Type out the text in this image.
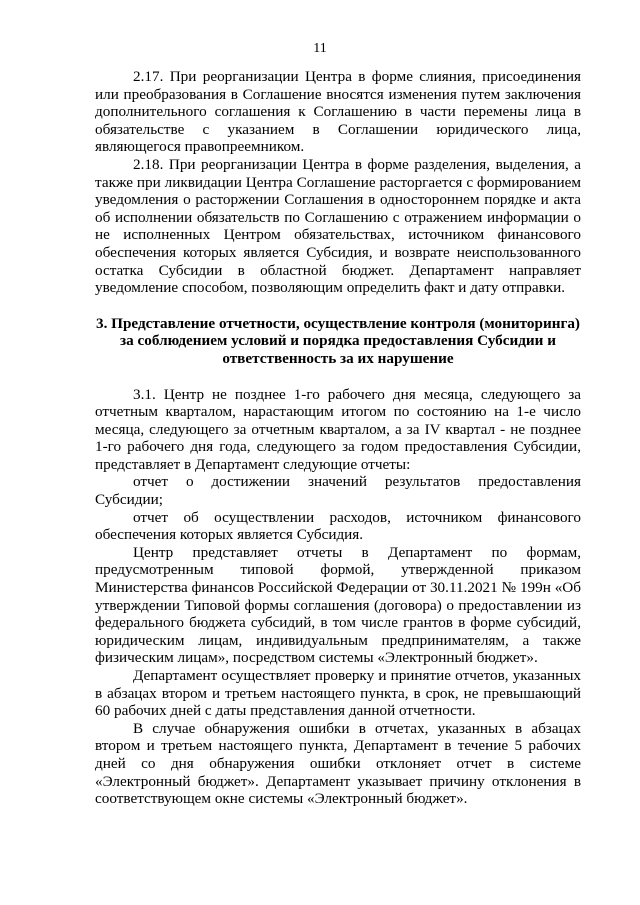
11

2.17. При реорганизации Центра в форме слияния, присоединения или преобразования в Соглашение вносятся изменения путем заключения дополнительного соглашения к Соглашению в части перемены лица в обязательстве с указанием в Соглашении юридического лица, являющегося правопреемником.

2.18. При реорганизации Центра в форме разделения, выделения, а также при ликвидации Центра Соглашение расторгается с формированием уведомления о расторжении Соглашения в одностороннем порядке и акта об исполнении обязательств по Соглашению с отражением информации о не исполненных Центром обязательствах, источником финансового обеспечения которых является Субсидия, и возврате неиспользованного остатка Субсидии в областной бюджет. Департамент направляет уведомление способом, позволяющим определить факт и дату отправки.

3. Представление отчетности, осуществление контроля (мониторинга) за соблюдением условий и порядка предоставления Субсидии и ответственность за их нарушение

3.1. Центр не позднее 1-го рабочего дня месяца, следующего за отчетным кварталом, нарастающим итогом по состоянию на 1-е число месяца, следующего за отчетным кварталом, а за IV квартал - не позднее 1-го рабочего дня года, следующего за годом предоставления Субсидии, представляет в Департамент следующие отчеты:

отчет о достижении значений результатов предоставления Субсидии;

отчет об осуществлении расходов, источником финансового обеспечения которых является Субсидия.

Центр представляет отчеты в Департамент по формам, предусмотренным типовой формой, утвержденной приказом Министерства финансов Российской Федерации от 30.11.2021 № 199н «Об утверждении Типовой формы соглашения (договора) о предоставлении из федерального бюджета субсидий, в том числе грантов в форме субсидий, юридическим лицам, индивидуальным предпринимателям, а также физическим лицам», посредством системы «Электронный бюджет».

Департамент осуществляет проверку и принятие отчетов, указанных в абзацах втором и третьем настоящего пункта, в срок, не превышающий 60 рабочих дней с даты представления данной отчетности.

В случае обнаружения ошибки в отчетах, указанных в абзацах втором и третьем настоящего пункта, Департамент в течение 5 рабочих дней со дня обнаружения ошибки отклоняет отчет в системе «Электронный бюджет». Департамент указывает причину отклонения в соответствующем окне системы «Электронный бюджет».
